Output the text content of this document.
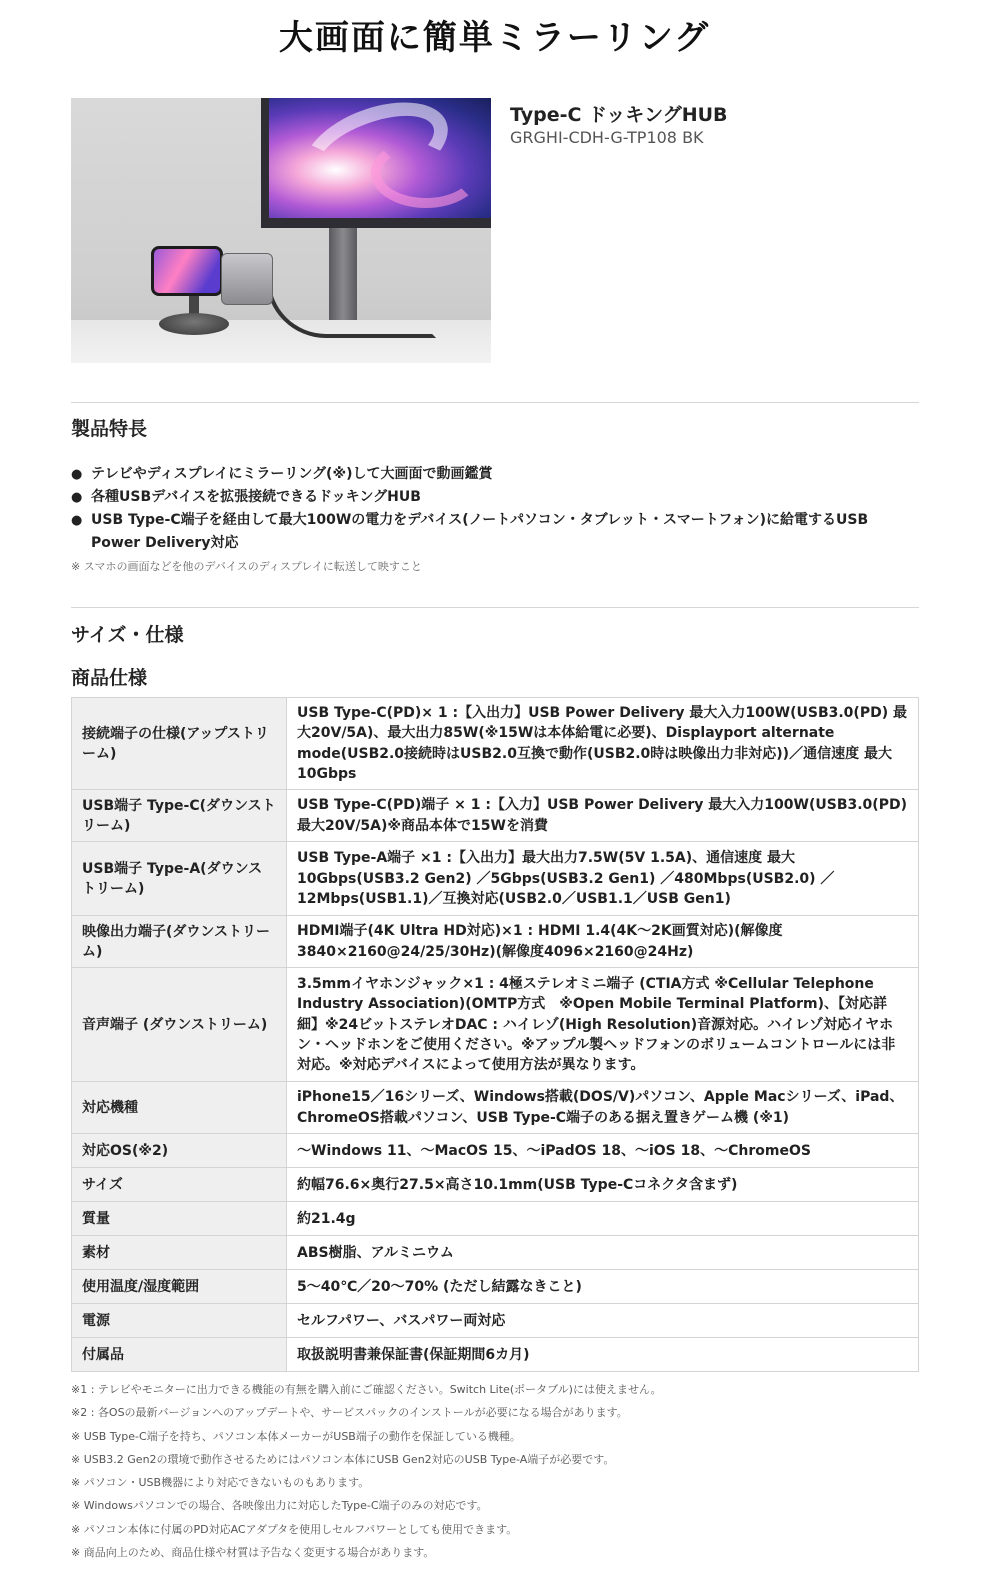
大画面に簡単ミラーリング
Type-C ドッキングHUB
GRGHI-CDH-G-TP108 BK
製品特長
● テレビやディスプレイにミラーリング(※)して大画面で動画鑑賞
● 各種USBデバイスを拡張接続できるドッキングHUB
● USB Type-C端子を経由して最大100Wの電力をデバイス(ノートパソコン・タブレット・スマートフォン)に給電するUSB Power Delivery対応
※ スマホの画面などを他のデバイスのディスプレイに転送して映すこと
サイズ・仕様
商品仕様
接続端子の仕様(アップストリーム)	USB Type-C(PD)× 1 :【入出力】USB Power Delivery 最大入力100W(USB3.0(PD) 最大20V/5A)、最大出力85W(※15Wは本体給電に必要)、Displayport alternate mode(USB2.0接続時はUSB2.0互換で動作(USB2.0時は映像出力非対応))／通信速度 最大10Gbps
USB端子 Type-C(ダウンストリーム)	USB Type-C(PD)端子 × 1 :【入力】USB Power Delivery 最大入力100W(USB3.0(PD) 最大20V/5A)※商品本体で15Wを消費
USB端子 Type-A(ダウンストリーム)	USB Type-A端子 ×1 :【入出力】最大出力7.5W(5V 1.5A)、通信速度 最大10Gbps(USB3.2 Gen2) ／5Gbps(USB3.2 Gen1) ／480Mbps(USB2.0) ／12Mbps(USB1.1)／互換対応(USB2.0／USB1.1／USB Gen1)
映像出力端子(ダウンストリーム)	HDMI端子(4K Ultra HD対応)×1 : HDMI 1.4(4K～2K画質対応)(解像度3840×2160@24/25/30Hz)(解像度4096×2160@24Hz)
音声端子 (ダウンストリーム)	3.5mmイヤホンジャック×1 : 4極ステレオミニ端子 (CTIA方式 ※Cellular Telephone Industry Association)(OMTP方式　※Open Mobile Terminal Platform)、【対応詳細】※24ビットステレオDAC : ハイレゾ(High Resolution)音源対応。ハイレゾ対応イヤホン・ヘッドホンをご使用ください。※アップル製ヘッドフォンのボリュームコントロールには非対応。※対応デバイスによって使用方法が異なります。
対応機種	iPhone15／16シリーズ、Windows搭載(DOS/V)パソコン、Apple Macシリーズ、iPad、ChromeOS搭載パソコン、USB Type-C端子のある据え置きゲーム機 (※1)
対応OS(※2)	～Windows 11、～MacOS 15、～iPadOS 18、～iOS 18、～ChromeOS
サイズ	約幅76.6×奥行27.5×高さ10.1mm(USB Type-Cコネクタ含まず)
質量	約21.4g
素材	ABS樹脂、アルミニウム
使用温度/湿度範囲	5～40℃／20～70% (ただし結露なきこと)
電源	セルフパワー、バスパワー両対応
付属品	取扱説明書兼保証書(保証期間6カ月)
※1 : テレビやモニターに出力できる機能の有無を購入前にご確認ください。Switch Lite(ポータブル)には使えません。
※2 : 各OSの最新バージョンへのアップデートや、サービスパックのインストールが必要になる場合があります。
※ USB Type-C端子を持ち、パソコン本体メーカーがUSB端子の動作を保証している機種。
※ USB3.2 Gen2の環境で動作させるためにはパソコン本体にUSB Gen2対応のUSB Type-A端子が必要です。
※ パソコン・USB機器により対応できないものもあります。
※ Windowsパソコンでの場合、各映像出力に対応したType-C端子のみの対応です。
※ パソコン本体に付属のPD対応ACアダプタを使用しセルフパワーとしても使用できます。
※ 商品向上のため、商品仕様や材質は予告なく変更する場合があります。
